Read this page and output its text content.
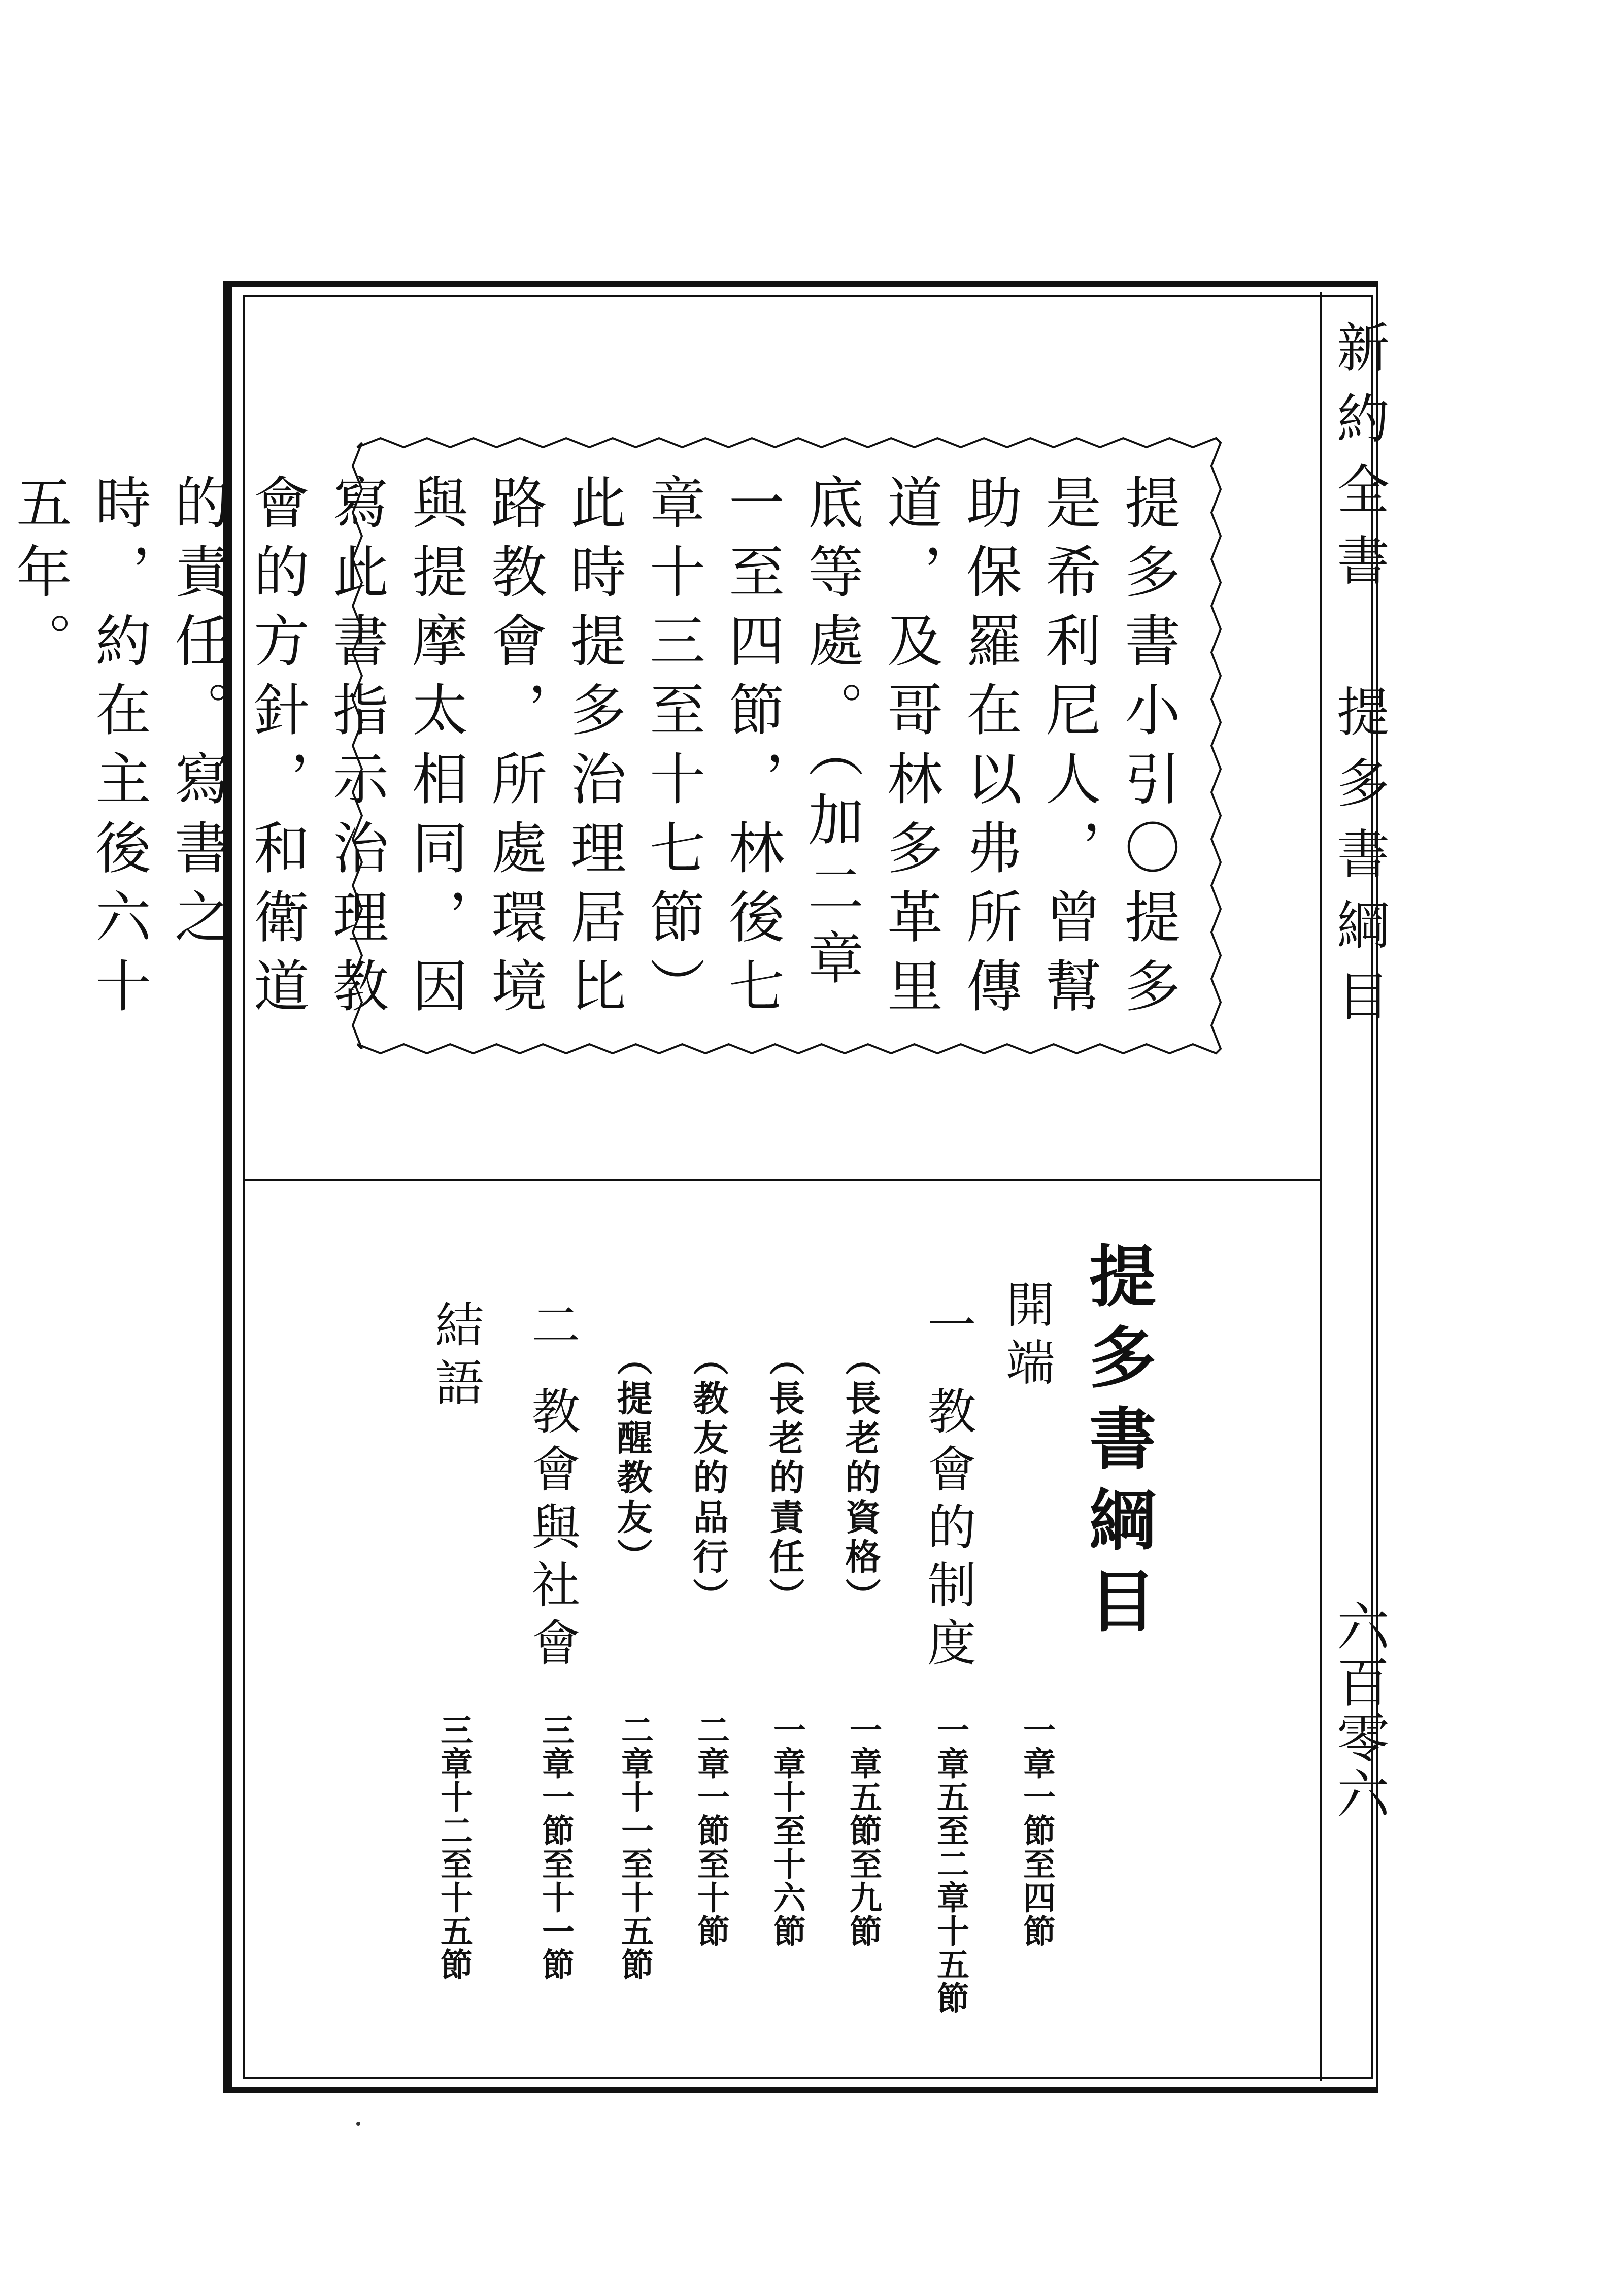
新約全書 提多書綱目
六百零六
提多書小引〇提多是希利尼人，曾幫助保羅在以弗所傳道，及哥林多革里底等處。（加二章一至四節，林後七章十三至十七節）此時提多治理居比路教會，所處環境與提摩太相同，因寫此書指示治理教會的方針，和衛道的責任。寫書之時，約在主後六十五年。
提多書綱目
開端
一章一節至四節
一
教會的制度
一章五至二章十五節
（長老的資格）
一章五節至九節
（長老的責任）
一章十至十六節
（教友的品行）
二章一節至十節
（提醒教友）
二章十一至十五節
二
教會與社會
三章一節至十一節
結語
三章十二至十五節
